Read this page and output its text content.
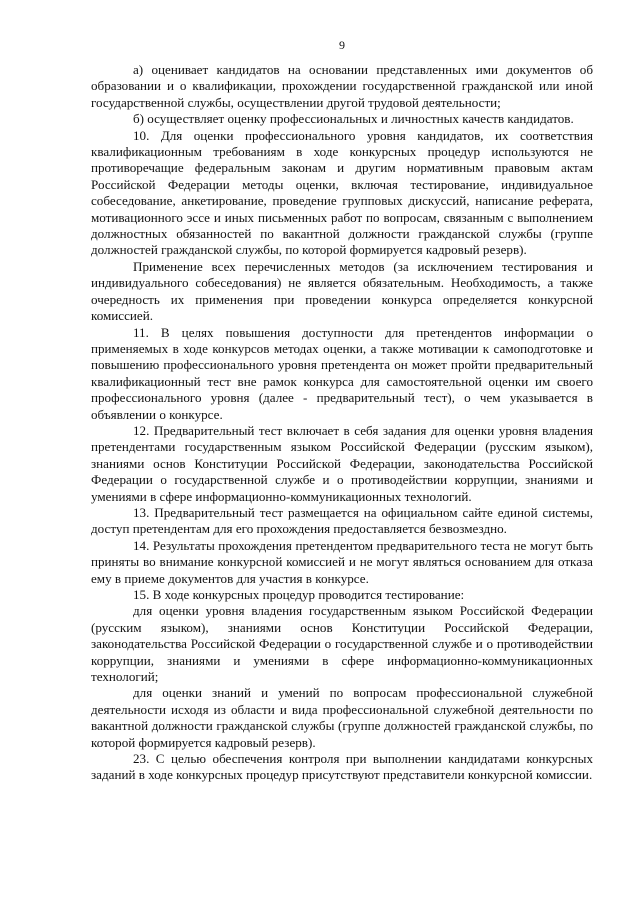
9

а) оценивает кандидатов на основании представленных ими документов об образовании и о квалификации, прохождении государственной гражданской или иной государственной службы, осуществлении другой трудовой деятельности;

б) осуществляет оценку профессиональных и личностных качеств кандидатов.

10. Для оценки профессионального уровня кандидатов, их соответствия квалификационным требованиям в ходе конкурсных процедур используются не противоречащие федеральным законам и другим нормативным правовым актам Российской Федерации методы оценки, включая тестирование, индивидуальное собеседование, анкетирование, проведение групповых дискуссий, написание реферата, мотивационного эссе и иных письменных работ по вопросам, связанным с выполнением должностных обязанностей по вакантной должности гражданской службы (группе должностей гражданской службы, по которой формируется кадровый резерв).

Применение всех перечисленных методов (за исключением тестирования и индивидуального собеседования) не является обязательным. Необходимость, а также очередность их применения при проведении конкурса определяется конкурсной комиссией.

11. В целях повышения доступности для претендентов информации о применяемых в ходе конкурсов методах оценки, а также мотивации к самоподготовке и повышению профессионального уровня претендента он может пройти предварительный квалификационный тест вне рамок конкурса для самостоятельной оценки им своего профессионального уровня (далее - предварительный тест), о чем указывается в объявлении о конкурсе.

12. Предварительный тест включает в себя задания для оценки уровня владения претендентами государственным языком Российской Федерации (русским языком), знаниями основ Конституции Российской Федерации, законодательства Российской Федерации о государственной службе и о противодействии коррупции, знаниями и умениями в сфере информационно-коммуникационных технологий.

13. Предварительный тест размещается на официальном сайте единой системы, доступ претендентам для его прохождения предоставляется безвозмездно.

14. Результаты прохождения претендентом предварительного теста не могут быть приняты во внимание конкурсной комиссией и не могут являться основанием для отказа ему в приеме документов для участия в конкурсе.

15. В ходе конкурсных процедур проводится тестирование:

для оценки уровня владения государственным языком Российской Федерации (русским языком), знаниями основ Конституции Российской Федерации, законодательства Российской Федерации о государственной службе и о противодействии коррупции, знаниями и умениями в сфере информационно-коммуникационных технологий;

для оценки знаний и умений по вопросам профессиональной служебной деятельности исходя из области и вида профессиональной служебной деятельности по вакантной должности гражданской службы (группе должностей гражданской службы, по которой формируется кадровый резерв).

23. С целью обеспечения контроля при выполнении кандидатами конкурсных заданий в ходе конкурсных процедур присутствуют представители конкурсной комиссии.
